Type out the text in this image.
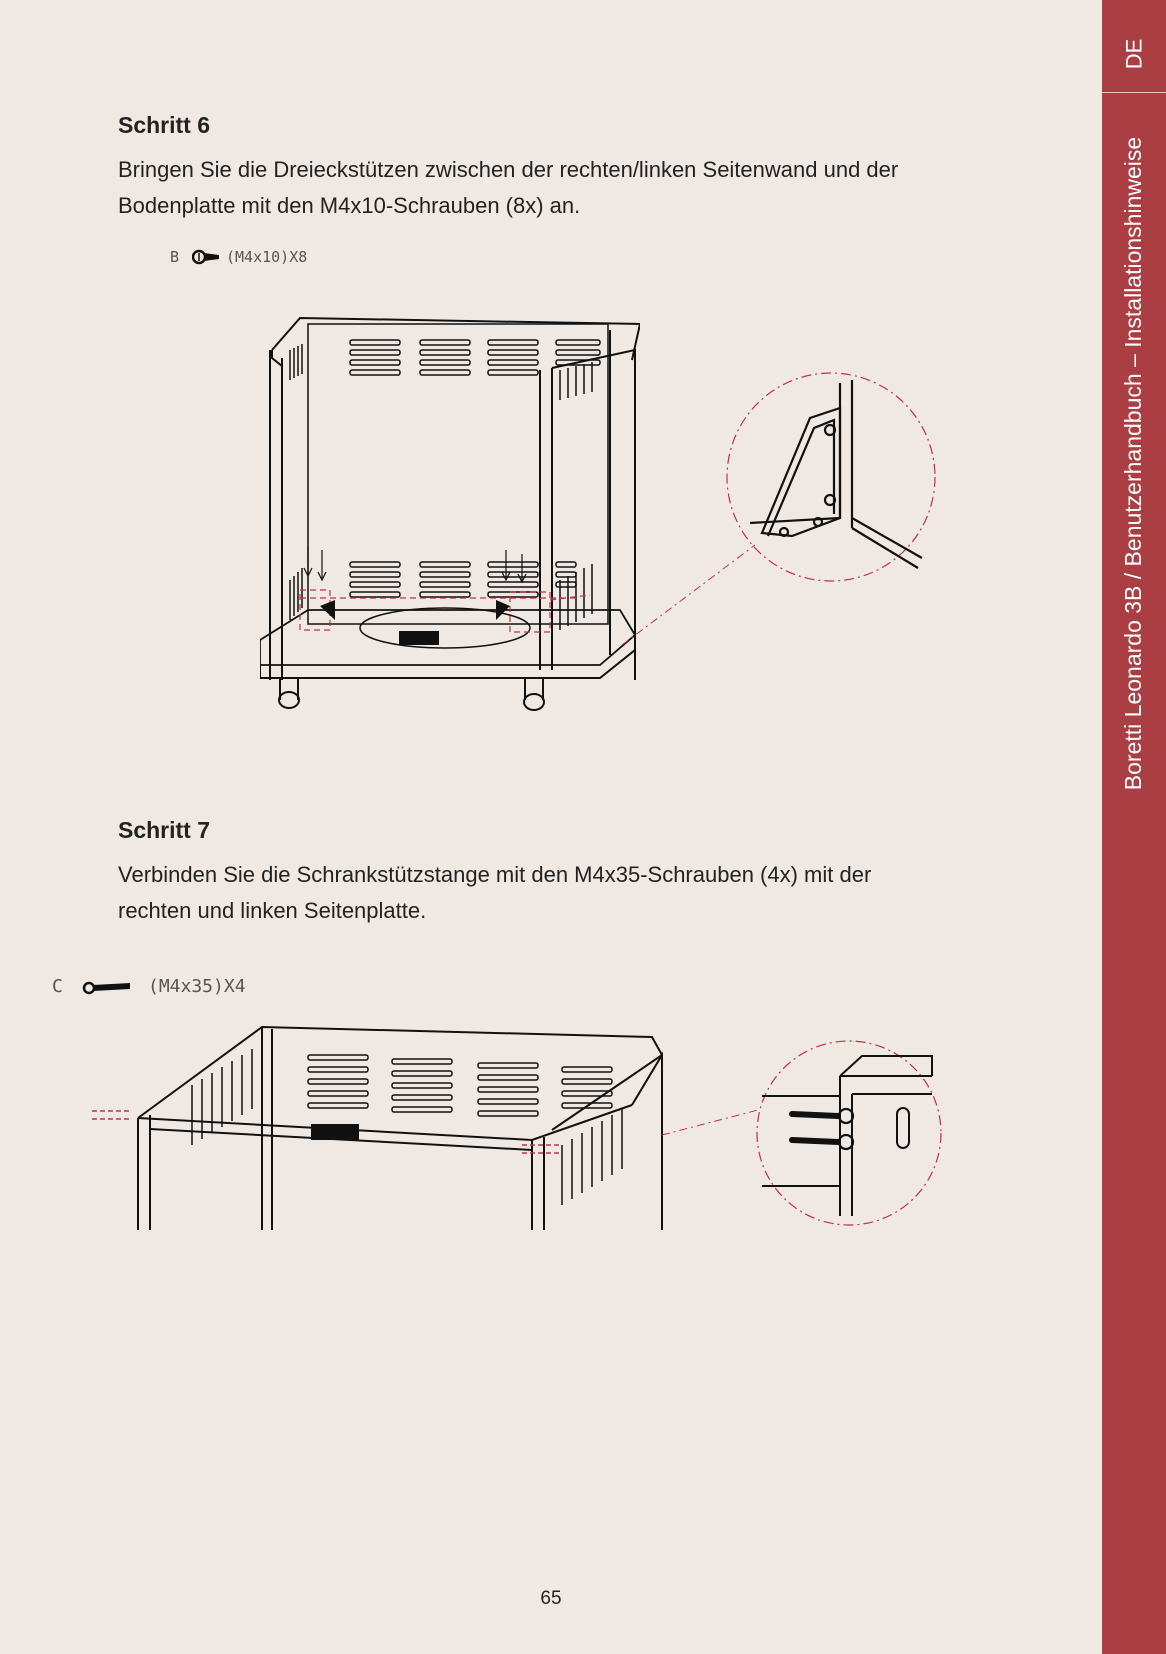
DE
Boretti Leonardo 3B / Benutzerhandbuch – Installationshinweise
Schritt 6

Bringen Sie die Dreieckstützen zwischen der rechten/linken Seitenwand und der
Bodenplatte mit den M4x10-Schrauben (8x) an.

B	(M4x10)X8
Schritt 7

Verbinden Sie die Schrankstützstange mit den M4x35-Schrauben (4x) mit der
rechten und linken Seitenplatte.

C	(M4x35)X4
65
